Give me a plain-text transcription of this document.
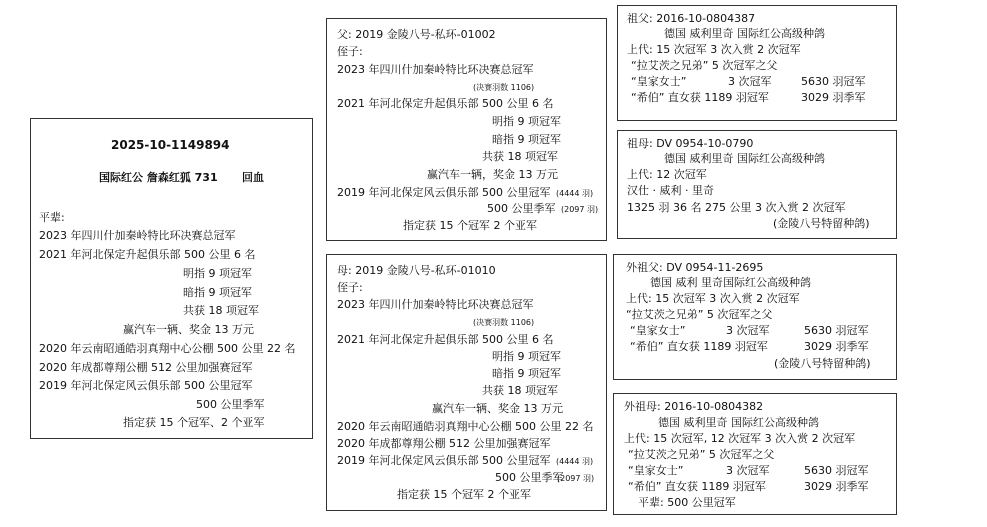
2025-10-1149894
国际红公 詹森红狐 731 回血
平辈:
2023 年四川什加秦岭特比环决赛总冠军
2021 年河北保定升起俱乐部 500 公里 6 名
明指 9 项冠军
暗指 9 项冠军
共获 18 项冠军
赢汽车一辆、奖金 13 万元
2020 年云南昭通皓羽真翔中心公棚 500 公里 22 名
2020 年成都尊翔公棚 512 公里加强赛冠军
2019 年河北保定风云俱乐部 500 公里冠军
500 公里季军
指定获 15 个冠军、2 个亚军
父: 2019 金陵八号-私环-01002
侄子:
2023 年四川什加秦岭特比环决赛总冠军
(决赛羽数 1106)
2021 年河北保定升起俱乐部 500 公里 6 名
明指 9 项冠军
暗指 9 项冠军
共获 18 项冠军
赢汽车一辆，奖金 13 万元
2019 年河北保定风云俱乐部 500 公里冠军 (4444 羽)
500 公里季军 (2097 羽)
指定获 15 个冠军 2 个亚军
母: 2019 金陵八号-私环-01010
侄子:
2023 年四川什加秦岭特比环决赛总冠军
(决赛羽数 1106)
2021 年河北保定升起俱乐部 500 公里 6 名
明指 9 项冠军
暗指 9 项冠军
共获 18 项冠军
赢汽车一辆、奖金 13 万元
2020 年云南昭通皓羽真翔中心公棚 500 公里 22 名
2020 年成都尊翔公棚 512 公里加强赛冠军
2019 年河北保定风云俱乐部 500 公里冠军 (4444 羽)
500 公里季军
(2097 羽)
指定获 15 个冠军 2 个亚军
祖父: 2016-10-0804387
德国 威利里奇 国际红公高级种鸽
上代: 15 次冠军 3 次入赏 2 次冠军
“拉艾茨之兄弟” 5 次冠军之父
“皇家女士”	3 次冠军	5630 羽冠军
“希伯” 直女获 1189 羽冠军	3029 羽季军
祖母: DV 0954-10-0790
德国 威利里奇 国际红公高级种鸽
上代: 12 次冠军
汉仕 · 威利 · 里奇
1325 羽 36 名 275 公里 3 次入赏 2 次冠军
(金陵八号特留种鸽)
外祖父: DV 0954-11-2695
德国 威利 里奇国际红公高级种鸽
上代: 15 次冠军 3 次入赏 2 次冠军
“拉艾茨之兄弟” 5 次冠军之父
“皇家女士”	3 次冠军	5630 羽冠军
“希伯” 直女获 1189 羽冠军	3029 羽季军
(金陵八号特留种鸽)
外祖母: 2016-10-0804382
德国 威利里奇 国际红公高级种鸽
上代: 15 次冠军, 12 次冠军 3 次入赏 2 次冠军
“拉艾茨之兄弟” 5 次冠军之父
“皇家女士”	3 次冠军	5630 羽冠军
“希伯” 直女获 1189 羽冠军	3029 羽季军
平辈: 500 公里冠军
